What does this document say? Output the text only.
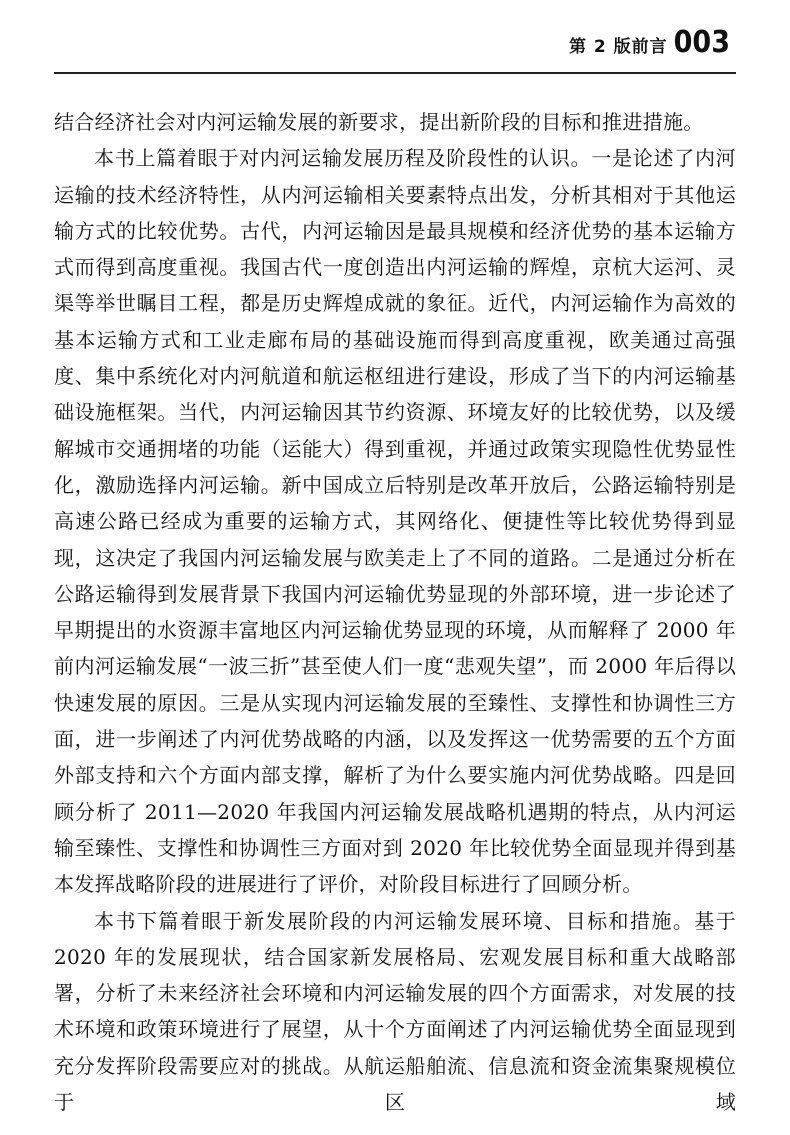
第 2 版前言 003

结合经济社会对内河运输发展的新要求，提出新阶段的目标和推进措施。

本书上篇着眼于对内河运输发展历程及阶段性的认识。一是论述了内河运输的技术经济特性，从内河运输相关要素特点出发，分析其相对于其他运输方式的比较优势。古代，内河运输因是最具规模和经济优势的基本运输方式而得到高度重视。我国古代一度创造出内河运输的辉煌，京杭大运河、灵渠等举世瞩目工程，都是历史辉煌成就的象征。近代，内河运输作为高效的基本运输方式和工业走廊布局的基础设施而得到高度重视，欧美通过高强度、集中系统化对内河航道和航运枢纽进行建设，形成了当下的内河运输基础设施框架。当代，内河运输因其节约资源、环境友好的比较优势，以及缓解城市交通拥堵的功能（运能大）得到重视，并通过政策实现隐性优势显性化，激励选择内河运输。新中国成立后特别是改革开放后，公路运输特别是高速公路已经成为重要的运输方式，其网络化、便捷性等比较优势得到显现，这决定了我国内河运输发展与欧美走上了不同的道路。二是通过分析在公路运输得到发展背景下我国内河运输优势显现的外部环境，进一步论述了早期提出的水资源丰富地区内河运输优势显现的环境，从而解释了 2000 年前内河运输发展“一波三折”甚至使人们一度“悲观失望”，而 2000 年后得以快速发展的原因。三是从实现内河运输发展的至臻性、支撑性和协调性三方面，进一步阐述了内河优势战略的内涵，以及发挥这一优势需要的五个方面外部支持和六个方面内部支撑，解析了为什么要实施内河优势战略。四是回顾分析了 2011—2020 年我国内河运输发展战略机遇期的特点，从内河运输至臻性、支撑性和协调性三方面对到 2020 年比较优势全面显现并得到基本发挥战略阶段的进展进行了评价，对阶段目标进行了回顾分析。

本书下篇着眼于新发展阶段的内河运输发展环境、目标和措施。基于 2020 年的发展现状，结合国家新发展格局、宏观发展目标和重大战略部署，分析了未来经济社会环境和内河运输发展的四个方面需求，对发展的技术环境和政策环境进行了展望，从十个方面阐述了内河运输优势全面显现到充分发挥阶段需要应对的挑战。从航运船舶流、信息流和资金流集聚规模位于区域
